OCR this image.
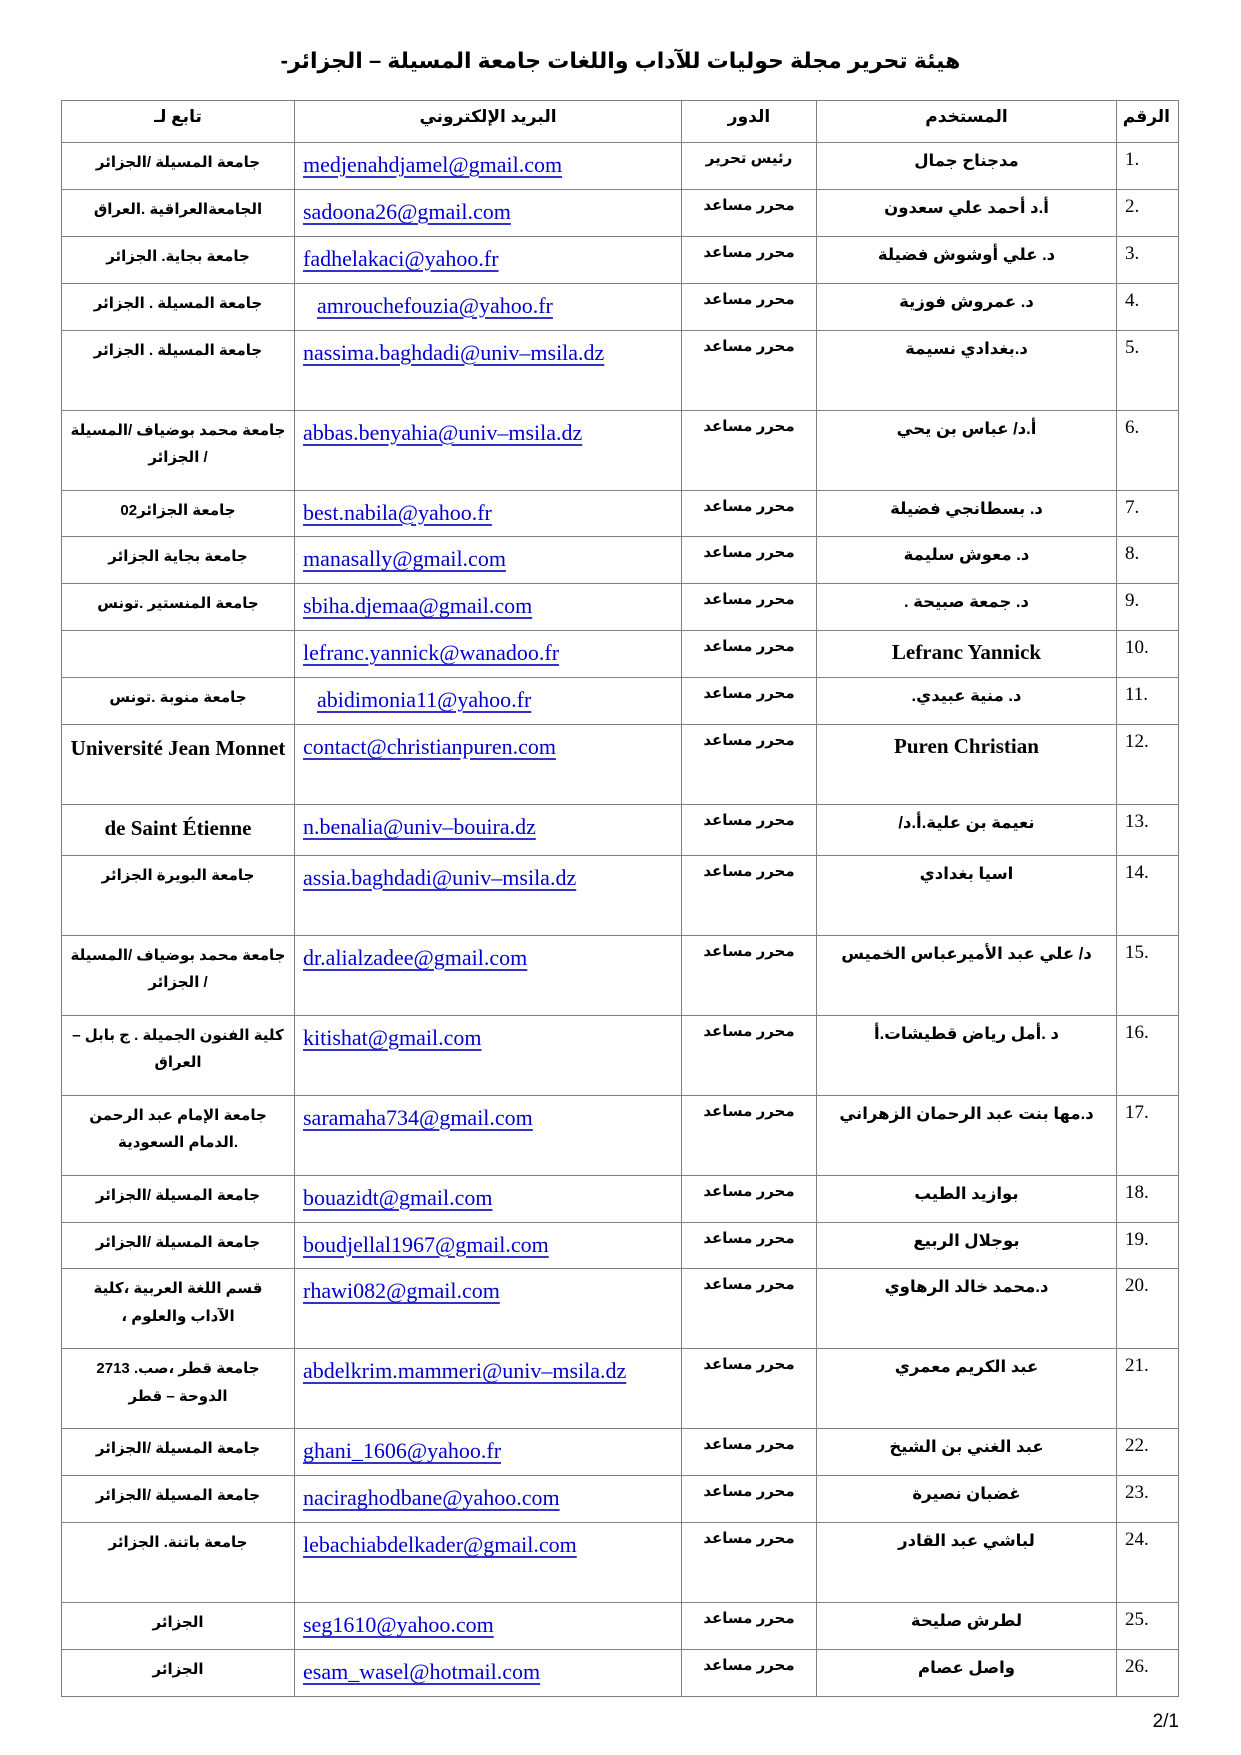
هيئة تحرير مجلة حوليات للآداب واللغات جامعة المسيلة – الجزائر-
الرقم	المستخدم	الدور	البريد الإلكتروني	تابع لـ
1.	مدجناح جمال	رئيس تحرير	medjenahdjamel@gmail.com	جامعة المسيلة /الجزائر
2.	أ.د أحمد علي سعدون	محرر مساعد	sadoona26@gmail.com	الجامعةالعراقية .العراق
3.	د. علي أوشوش فضيلة	محرر مساعد	fadhelakaci@yahoo.fr	جامعة بجاية. الجزائر
4.	د. عمروش فوزية	محرر مساعد	amrouchefouzia@yahoo.fr	جامعة المسيلة . الجزائر
5.	د.بغدادي نسيمة	محرر مساعد	nassima.baghdadi@univ–msila.dz	جامعة المسيلة . الجزائر
6.	أ.د/ عباس بن يحي	محرر مساعد	abbas.benyahia@univ–msila.dz	جامعة محمد بوضياف /المسيلة / الجزائر
7.	د. بسطانجي فضيلة	محرر مساعد	best.nabila@yahoo.fr	جامعة الجزائر02
8.	د. معوش سليمة	محرر مساعد	manasally@gmail.com	جامعة بجاية الجزائر
9.	د. جمعة صبيحة .	محرر مساعد	sbiha.djemaa@gmail.com	جامعة المنستير .تونس
10.	Lefranc Yannick	محرر مساعد	lefranc.yannick@wanadoo.fr	
11.	د. منية عبيدي.	محرر مساعد	abidimonia11@yahoo.fr	جامعة منوبة .تونس
12.	Puren Christian	محرر مساعد	contact@christianpuren.com	Université Jean Monnet
13.	نعيمة بن علية.أ.د/	محرر مساعد	n.benalia@univ–bouira.dz	de Saint Étienne
14.	اسيا بغدادي	محرر مساعد	assia.baghdadi@univ–msila.dz	جامعة البويرة الجزائر
15.	د/ علي عبد الأميرعباس الخميس	محرر مساعد	dr.alialzadee@gmail.com	جامعة محمد بوضياف /المسيلة / الجزائر
16.	د .أمل رياض قطيشات.أ	محرر مساعد	kitishat@gmail.com	كلية الفنون الجميلة . ج بابل – العراق
17.	د.مها بنت عبد الرحمان الزهراني	محرر مساعد	saramaha734@gmail.com	جامعة الإمام عبد الرحمن .الدمام السعودية
18.	بوازيد الطيب	محرر مساعد	bouazidt@gmail.com	جامعة المسيلة /الجزائر
19.	بوجلال الربيع	محرر مساعد	boudjellal1967@gmail.com	جامعة المسيلة /الجزائر
20.	د.محمد خالد الرهاوي	محرر مساعد	rhawi082@gmail.com	قسم اللغة العربية ،كلية الآداب والعلوم ،
21.	عبد الكريم معمري	محرر مساعد	abdelkrim.mammeri@univ–msila.dz	جامعة قطر ،صب. 2713 الدوحة – قطر
22.	عبد الغني بن الشيخ	محرر مساعد	ghani_1606@yahoo.fr	جامعة المسيلة /الجزائر
23.	غضبان نصيرة	محرر مساعد	naciraghodbane@yahoo.com	جامعة المسيلة /الجزائر
24.	لباشي عبد القادر	محرر مساعد	lebachiabdelkader@gmail.com	جامعة باتنة. الجزائر
25.	لطرش صليحة	محرر مساعد	seg1610@yahoo.com	الجزائر
26.	واصل عصام	محرر مساعد	esam_wasel@hotmail.com	الجزائر
2/1
